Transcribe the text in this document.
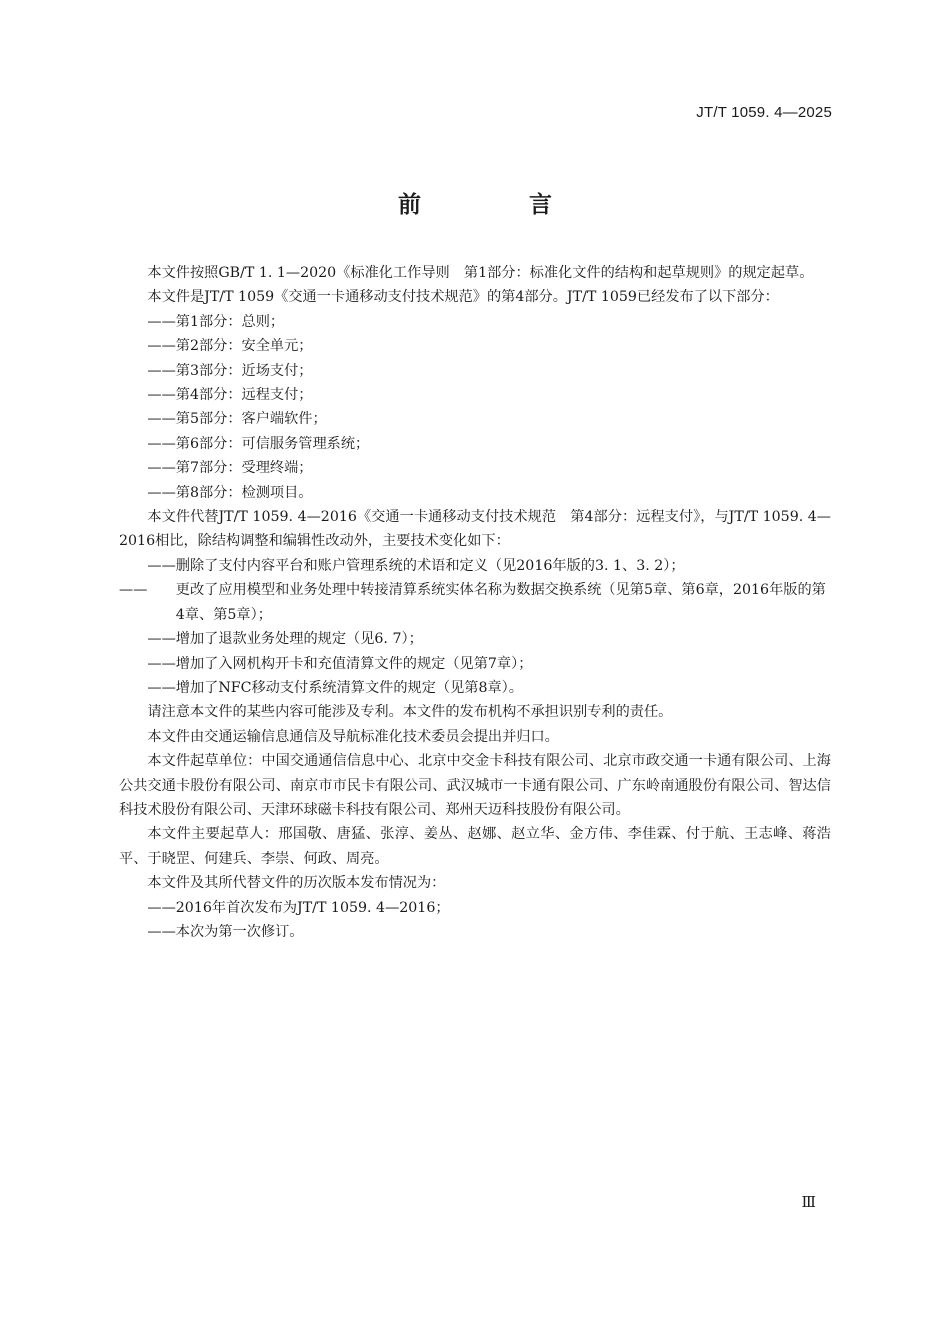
JT/T 1059. 4—2025
前 言
本文件按照GB/T 1. 1—2020《标准化工作导则　第1部分：标准化文件的结构和起草规则》的规定起草。
本文件是JT/T 1059《交通一卡通移动支付技术规范》的第4部分。JT/T 1059已经发布了以下部分：
——第1部分：总则；
——第2部分：安全单元；
——第3部分：近场支付；
——第4部分：远程支付；
——第5部分：客户端软件；
——第6部分：可信服务管理系统；
——第7部分：受理终端；
——第8部分：检测项目。
本文件代替JT/T 1059. 4—2016《交通一卡通移动支付技术规范　第4部分：远程支付》，与JT/T 1059. 4—2016相比，除结构调整和编辑性改动外，主要技术变化如下：
——删除了支付内容平台和账户管理系统的术语和定义（见2016年版的3. 1、3. 2）；
—— 更改了应用模型和业务处理中转接清算系统实体名称为数据交换系统（见第5章、第6章，2016年版的第4章、第5章）；
——增加了退款业务处理的规定（见6. 7）；
——增加了入网机构开卡和充值清算文件的规定（见第7章）；
——增加了NFC移动支付系统清算文件的规定（见第8章）。
请注意本文件的某些内容可能涉及专利。本文件的发布机构不承担识别专利的责任。
本文件由交通运输信息通信及导航标准化技术委员会提出并归口。
本文件起草单位：中国交通通信信息中心、北京中交金卡科技有限公司、北京市政交通一卡通有限公司、上海公共交通卡股份有限公司、南京市市民卡有限公司、武汉城市一卡通有限公司、广东岭南通股份有限公司、智达信科技术股份有限公司、天津环球磁卡科技有限公司、郑州天迈科技股份有限公司。
本文件主要起草人：邢国敬、唐猛、张淳、姜丛、赵娜、赵立华、金方伟、李佳霖、付于航、王志峰、蒋浩平、于晓罡、何建兵、李崇、何政、周亮。
本文件及其所代替文件的历次版本发布情况为：
——2016年首次发布为JT/T 1059. 4—2016；
——本次为第一次修订。
Ⅲ
